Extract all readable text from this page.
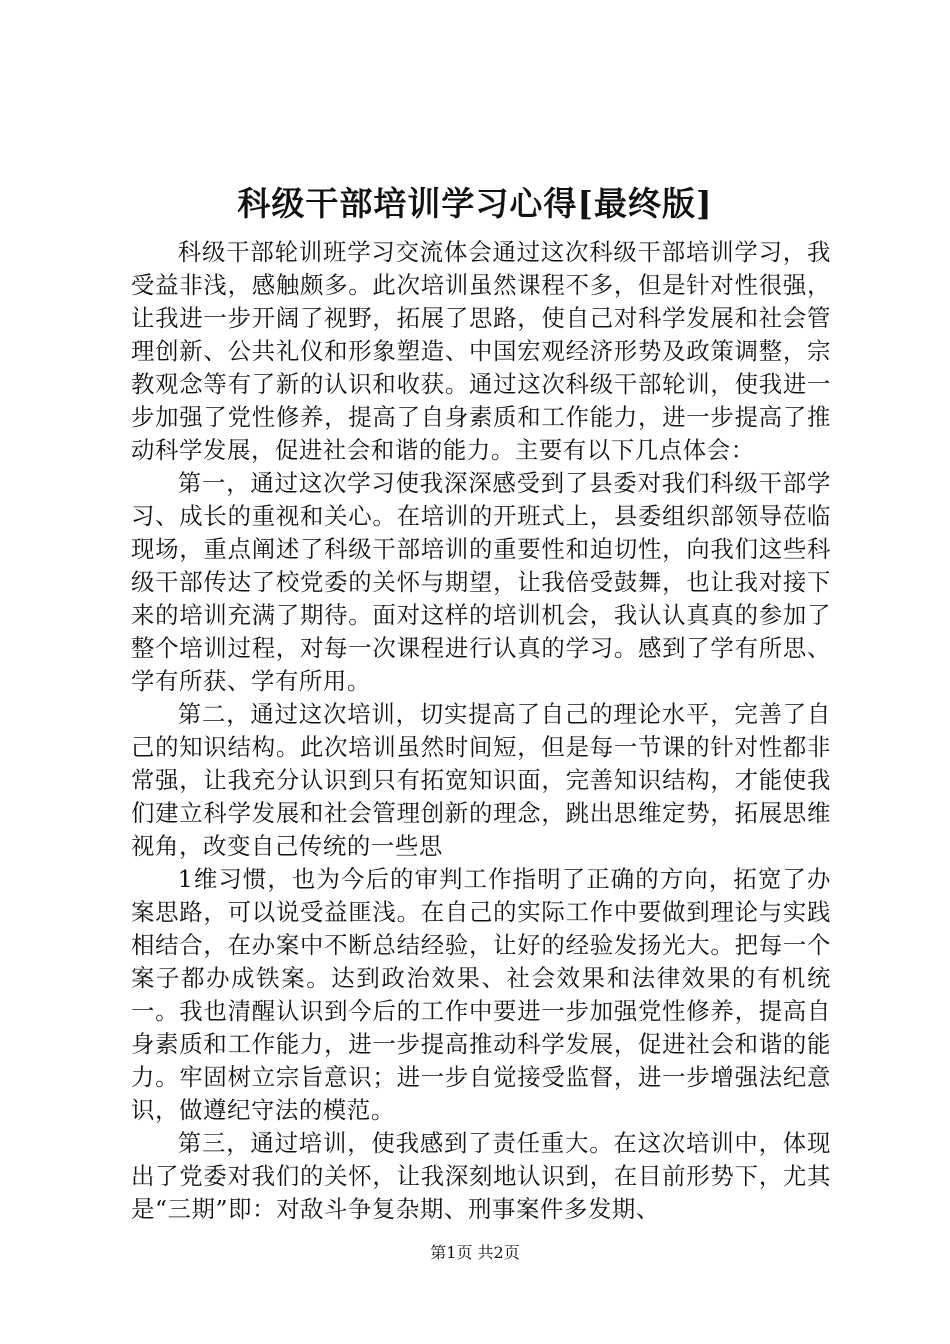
科级干部培训学习心得[最终版]

科级干部轮训班学习交流体会通过这次科级干部培训学习，我受益非浅，感触颇多。此次培训虽然课程不多，但是针对性很强，让我进一步开阔了视野，拓展了思路，使自己对科学发展和社会管理创新、公共礼仪和形象塑造、中国宏观经济形势及政策调整，宗教观念等有了新的认识和收获。通过这次科级干部轮训，使我进一步加强了党性修养，提高了自身素质和工作能力，进一步提高了推动科学发展，促进社会和谐的能力。主要有以下几点体会：

第一，通过这次学习使我深深感受到了县委对我们科级干部学习、成长的重视和关心。在培训的开班式上，县委组织部领导莅临现场，重点阐述了科级干部培训的重要性和迫切性，向我们这些科级干部传达了校党委的关怀与期望，让我倍受鼓舞，也让我对接下来的培训充满了期待。面对这样的培训机会，我认认真真的参加了整个培训过程，对每一次课程进行认真的学习。感到了学有所思、学有所获、学有所用。

第二，通过这次培训，切实提高了自己的理论水平，完善了自己的知识结构。此次培训虽然时间短，但是每一节课的针对性都非常强，让我充分认识到只有拓宽知识面，完善知识结构，才能使我们建立科学发展和社会管理创新的理念，跳出思维定势，拓展思维视角，改变自己传统的一些思

1维习惯，也为今后的审判工作指明了正确的方向，拓宽了办案思路，可以说受益匪浅。在自己的实际工作中要做到理论与实践相结合，在办案中不断总结经验，让好的经验发扬光大。把每一个案子都办成铁案。达到政治效果、社会效果和法律效果的有机统一。我也清醒认识到今后的工作中要进一步加强党性修养，提高自身素质和工作能力，进一步提高推动科学发展，促进社会和谐的能力。牢固树立宗旨意识；进一步自觉接受监督，进一步增强法纪意识，做遵纪守法的模范。

第三，通过培训，使我感到了责任重大。在这次培训中，体现出了党委对我们的关怀，让我深刻地认识到，在目前形势下，尤其是“三期”即：对敌斗争复杂期、刑事案件多发期、

第1页 共2页
